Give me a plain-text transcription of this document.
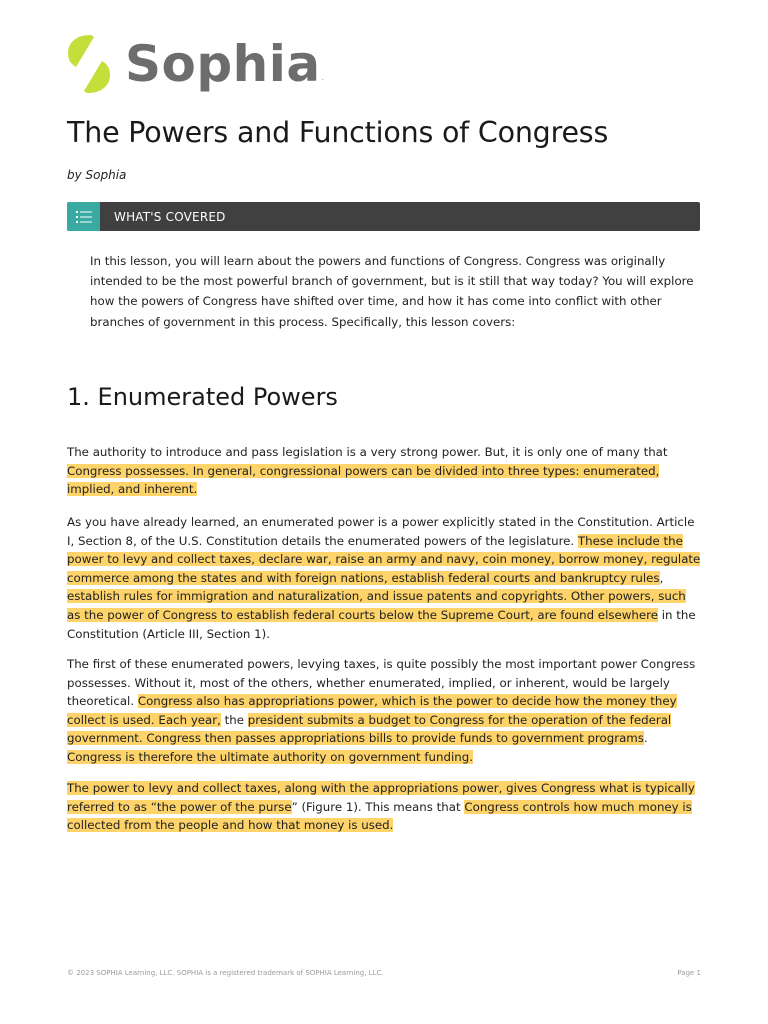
Sophia.
The Powers and Functions of Congress
by Sophia
WHAT'S COVERED

In this lesson, you will learn about the powers and functions of Congress. Congress was originally intended to be the most powerful branch of government, but is it still that way today? You will explore how the powers of Congress have shifted over time, and how it has come into conflict with other branches of government in this process. Specifically, this lesson covers:

1. Enumerated Powers

The authority to introduce and pass legislation is a very strong power. But, it is only one of many that Congress possesses. In general, congressional powers can be divided into three types: enumerated, implied, and inherent.

As you have already learned, an enumerated power is a power explicitly stated in the Constitution. Article I, Section 8, of the U.S. Constitution details the enumerated powers of the legislature. These include the power to levy and collect taxes, declare war, raise an army and navy, coin money, borrow money, regulate commerce among the states and with foreign nations, establish federal courts and bankruptcy rules, establish rules for immigration and naturalization, and issue patents and copyrights. Other powers, such as the power of Congress to establish federal courts below the Supreme Court, are found elsewhere in the Constitution (Article III, Section 1).

The first of these enumerated powers, levying taxes, is quite possibly the most important power Congress possesses. Without it, most of the others, whether enumerated, implied, or inherent, would be largely theoretical. Congress also has appropriations power, which is the power to decide how the money they collect is used. Each year, the president submits a budget to Congress for the operation of the federal government. Congress then passes appropriations bills to provide funds to government programs. Congress is therefore the ultimate authority on government funding.

The power to levy and collect taxes, along with the appropriations power, gives Congress what is typically referred to as “the power of the purse” (Figure 1). This means that Congress controls how much money is collected from the people and how that money is used.

© 2023 SOPHIA Learning, LLC. SOPHIA is a registered trademark of SOPHIA Learning, LLC.	Page 1
